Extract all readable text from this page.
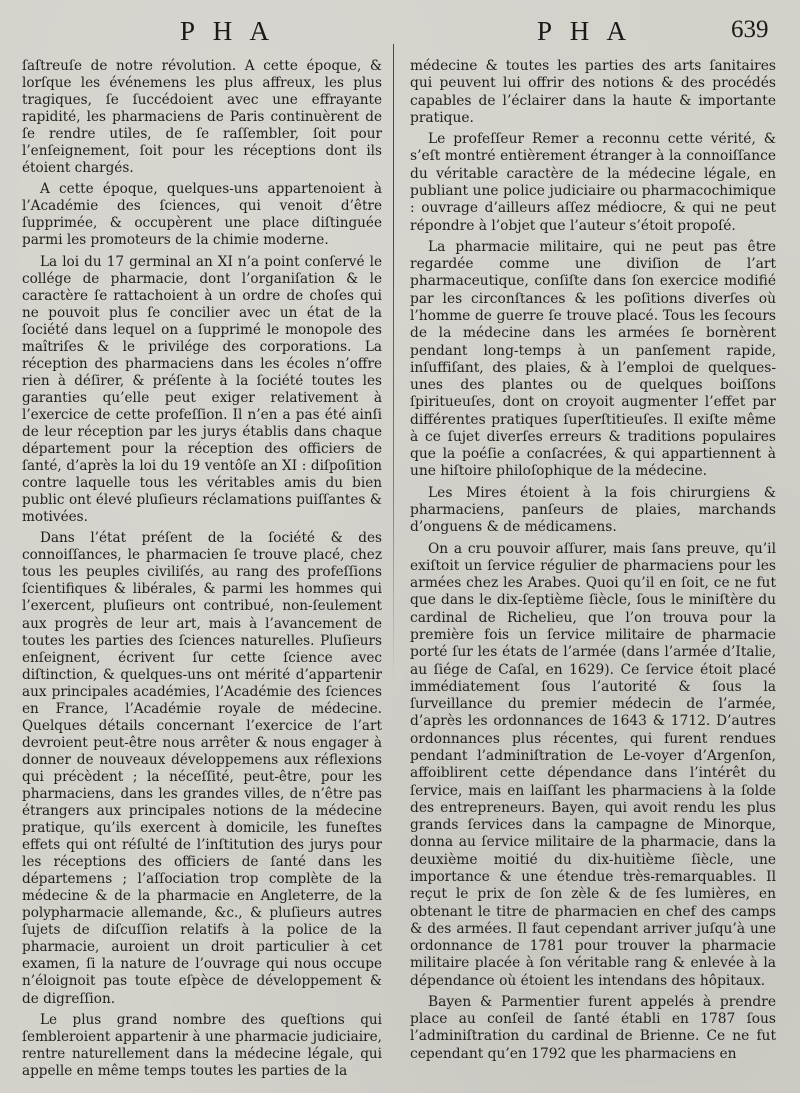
P H A	P H A	639

ſaſtreuſe de notre révolution. A cette époque, & lorſque les événemens les plus affreux, les plus tragiques, ſe ſuccédoient avec une effrayante rapidité, les pharmaciens de Paris continuèrent de ſe rendre utiles, de ſe raſſembler, ſoit pour l’enſeignement, ſoit pour les réceptions dont ils étoient chargés.

A cette époque, quelques-uns appartenoient à l’Académie des ſciences, qui venoit d’être ſupprimée, & occupèrent une place diſtinguée parmi les promoteurs de la chimie moderne.

La loi du 17 germinal an XI n’a point conſervé le collége de pharmacie, dont l’organiſation & le caractère ſe rattachoient à un ordre de choſes qui ne pouvoit plus ſe concilier avec un état de la ſociété dans lequel on a ſupprimé le monopole des maîtriſes & le privilége des corporations. La réception des pharmaciens dans les écoles n’offre rien à déſirer, & préſente à la ſociété toutes les garanties qu’elle peut exiger relativement à l’exercice de cette profeſſion. Il n’en a pas été ainſi de leur réception par les jurys établis dans chaque département pour la réception des officiers de ſanté, d’après la loi du 19 ventôſe an XI : diſpoſition contre laquelle tous les véritables amis du bien public ont élevé pluſieurs réclamations puiſſantes & motivées.

Dans l’état préſent de la ſociété & des connoiſſances, le pharmacien ſe trouve placé, chez tous les peuples civiliſés, au rang des profeſſions ſcientifiques & libérales, & parmi les hommes qui l’exercent, pluſieurs ont contribué, non-ſeulement aux progrès de leur art, mais à l’avancement de toutes les parties des ſciences naturelles. Pluſieurs enſeignent, écrivent ſur cette ſcience avec diſtinction, & quelques-uns ont mérité d’appartenir aux principales académies, l’Académie des ſciences en France, l’Académie royale de médecine. Quelques détails concernant l’exercice de l’art devroient peut-être nous arrêter & nous engager à donner de nouveaux développemens aux réflexions qui précèdent ; la néceſſité, peut-être, pour les pharmaciens, dans les grandes villes, de n’être pas étrangers aux principales notions de la médecine pratique, qu’ils exercent à domicile, les funeſtes effets qui ont réſulté de l’inſtitution des jurys pour les réceptions des officiers de ſanté dans les départemens ; l’aſſociation trop complète de la médecine & de la pharmacie en Angleterre, de la polypharmacie allemande, &c., & pluſieurs autres ſujets de diſcuſſion relatifs à la police de la pharmacie, auroient un droit particulier à cet examen, ſi la nature de l’ouvrage qui nous occupe n’éloignoit pas toute eſpèce de développement & de digreſſion.

Le plus grand nombre des queſtions qui ſembleroient appartenir à une pharmacie judiciaire, rentre naturellement dans la médecine légale, qui appelle en même temps toutes les parties de la

médecine & toutes les parties des arts ſanitaires qui peuvent lui offrir des notions & des procédés capables de l’éclairer dans la haute & importante pratique.

Le profeſſeur Remer a reconnu cette vérité, & s’eſt montré entièrement étranger à la connoiſſance du véritable caractère de la médecine légale, en publiant une police judiciaire ou pharmacochimique : ouvrage d’ailleurs aſſez médiocre, & qui ne peut répondre à l’objet que l’auteur s’étoit propoſé.

La pharmacie militaire, qui ne peut pas être regardée comme une diviſion de l’art pharmaceutique, conſiſte dans ſon exercice modifié par les circonſtances & les poſitions diverſes où l’homme de guerre ſe trouve placé. Tous les ſecours de la médecine dans les armées ſe bornèrent pendant long-temps à un panſement rapide, inſuffiſant, des plaies, & à l’emploi de quelques-unes des plantes ou de quelques boiſſons ſpiritueuſes, dont on croyoit augmenter l’effet par différentes pratiques ſuperſtitieuſes. Il exiſte même à ce ſujet diverſes erreurs & traditions populaires que la poéſie a conſacrées, & qui appartiennent à une hiſtoire philoſophique de la médecine.

Les Mires étoient à la fois chirurgiens & pharmaciens, panſeurs de plaies, marchands d’onguens & de médicamens.

On a cru pouvoir aſſurer, mais ſans preuve, qu’il exiſtoit un ſervice régulier de pharmaciens pour les armées chez les Arabes. Quoi qu’il en ſoit, ce ne fut que dans le dix-ſeptième ſiècle, ſous le miniſtère du cardinal de Richelieu, que l’on trouva pour la première fois un ſervice militaire de pharmacie porté ſur les états de l’armée (dans l’armée d’Italie, au ſiége de Caſal, en 1629). Ce ſervice étoit placé immédiatement ſous l’autorité & ſous la ſurveillance du premier médecin de l’armée, d’après les ordonnances de 1643 & 1712. D’autres ordonnances plus récentes, qui furent rendues pendant l’adminiſtration de Le-voyer d’Argenſon, affoiblirent cette dépendance dans l’intérêt du ſervice, mais en laiſſant les pharmaciens à la ſolde des entrepreneurs. Bayen, qui avoit rendu les plus grands ſervices dans la campagne de Minorque, donna au ſervice militaire de la pharmacie, dans la deuxième moitié du dix-huitième ſiècle, une importance & une étendue très-remarquables. Il reçut le prix de ſon zèle & de ſes lumières, en obtenant le titre de pharmacien en chef des camps & des armées. Il faut cependant arriver juſqu’à une ordonnance de 1781 pour trouver la pharmacie militaire placée à ſon véritable rang & enlevée à la dépendance où étoient les intendans des hôpitaux.

Bayen & Parmentier furent appelés à prendre place au conſeil de ſanté établi en 1787 ſous l’adminiſtration du cardinal de Brienne. Ce ne fut cependant qu’en 1792 que les pharmaciens en
